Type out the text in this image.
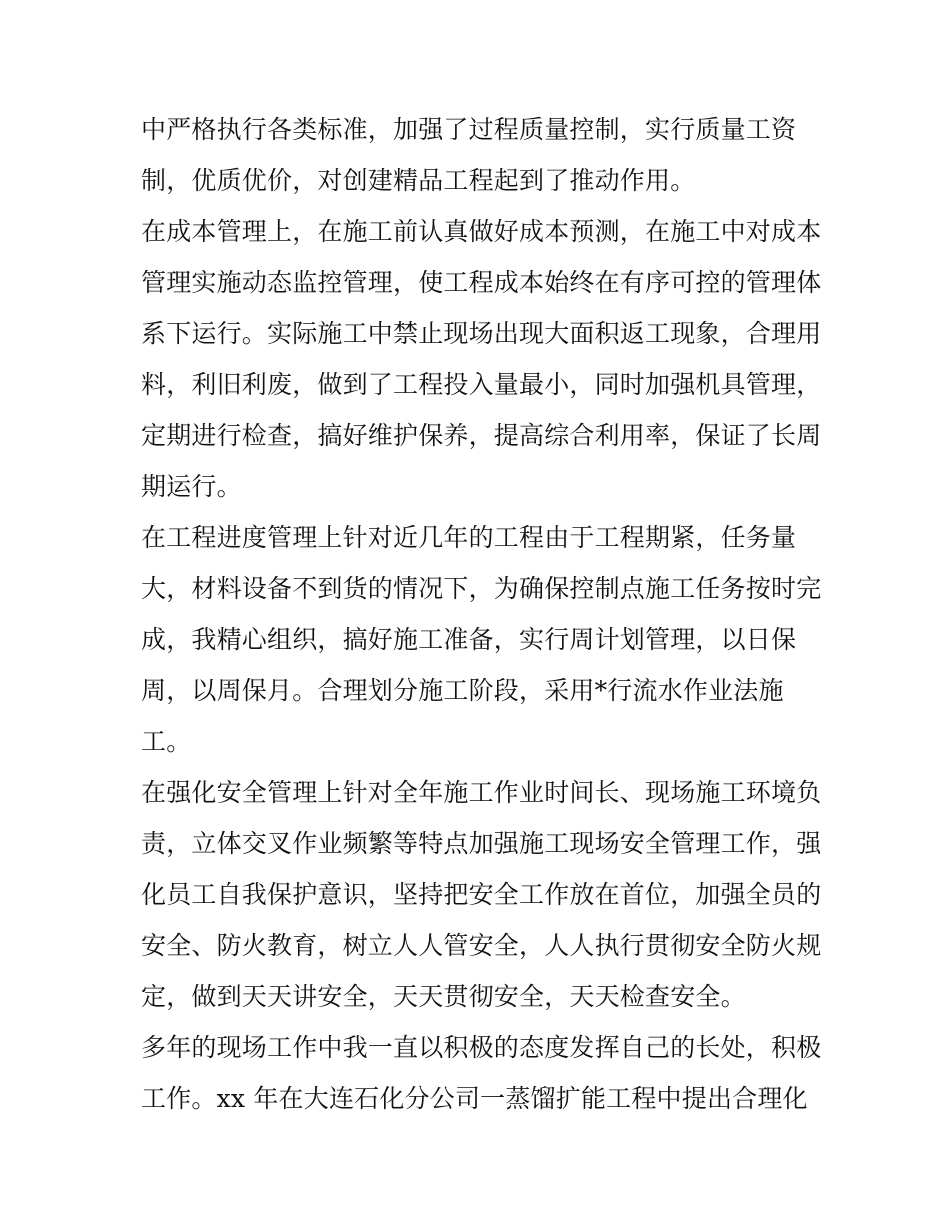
中严格执行各类标准，加强了过程质量控制，实行质量工资
制，优质优价，对创建精品工程起到了推动作用。
在成本管理上，在施工前认真做好成本预测，在施工中对成本
管理实施动态监控管理，使工程成本始终在有序可控的管理体
系下运行。实际施工中禁止现场出现大面积返工现象，合理用
料，利旧利废，做到了工程投入量最小，同时加强机具管理，
定期进行检查，搞好维护保养，提高综合利用率，保证了长周
期运行。
在工程进度管理上针对近几年的工程由于工程期紧，任务量
大，材料设备不到货的情况下，为确保控制点施工任务按时完
成，我精心组织，搞好施工准备，实行周计划管理，以日保
周，以周保月。合理划分施工阶段，采用*行流水作业法施
工。
在强化安全管理上针对全年施工作业时间长、现场施工环境负
责，立体交叉作业频繁等特点加强施工现场安全管理工作，强
化员工自我保护意识，坚持把安全工作放在首位，加强全员的
安全、防火教育，树立人人管安全，人人执行贯彻安全防火规
定，做到天天讲安全，天天贯彻安全，天天检查安全。
多年的现场工作中我一直以积极的态度发挥自己的长处，积极
工作。xx 年在大连石化分公司一蒸馏扩能工程中提出合理化
